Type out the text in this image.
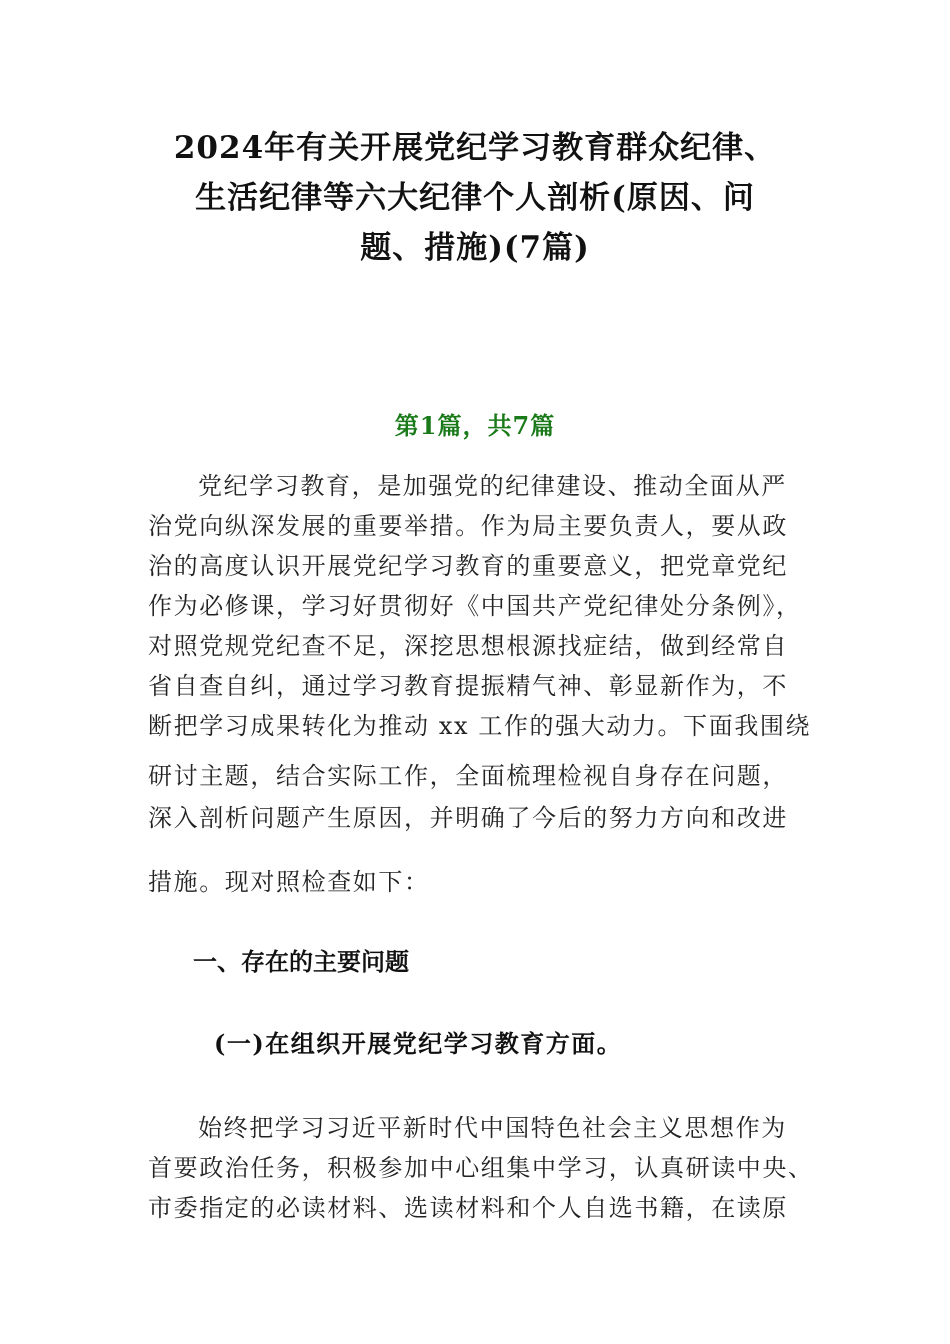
2024年有关开展党纪学习教育群众纪律、
生活纪律等六大纪律个人剖析(原因、问
题、措施)(7篇)
第1篇，共7篇
党纪学习教育，是加强党的纪律建设、推动全面从严
治党向纵深发展的重要举措。作为局主要负责人，要从政
治的高度认识开展党纪学习教育的重要意义，把党章党纪
作为必修课，学习好贯彻好《中国共产党纪律处分条例》，
对照党规党纪查不足，深挖思想根源找症结，做到经常自
省自查自纠，通过学习教育提振精气神、彰显新作为，不
断把学习成果转化为推动 xx 工作的强大动力。下面我围绕
研讨主题，结合实际工作，全面梳理检视自身存在问题，
深入剖析问题产生原因，并明确了今后的努力方向和改进
措施。现对照检查如下：
一、存在的主要问题
(一)在组织开展党纪学习教育方面。
始终把学习习近平新时代中国特色社会主义思想作为
首要政治任务，积极参加中心组集中学习，认真研读中央、
市委指定的必读材料、选读材料和个人自选书籍，在读原
